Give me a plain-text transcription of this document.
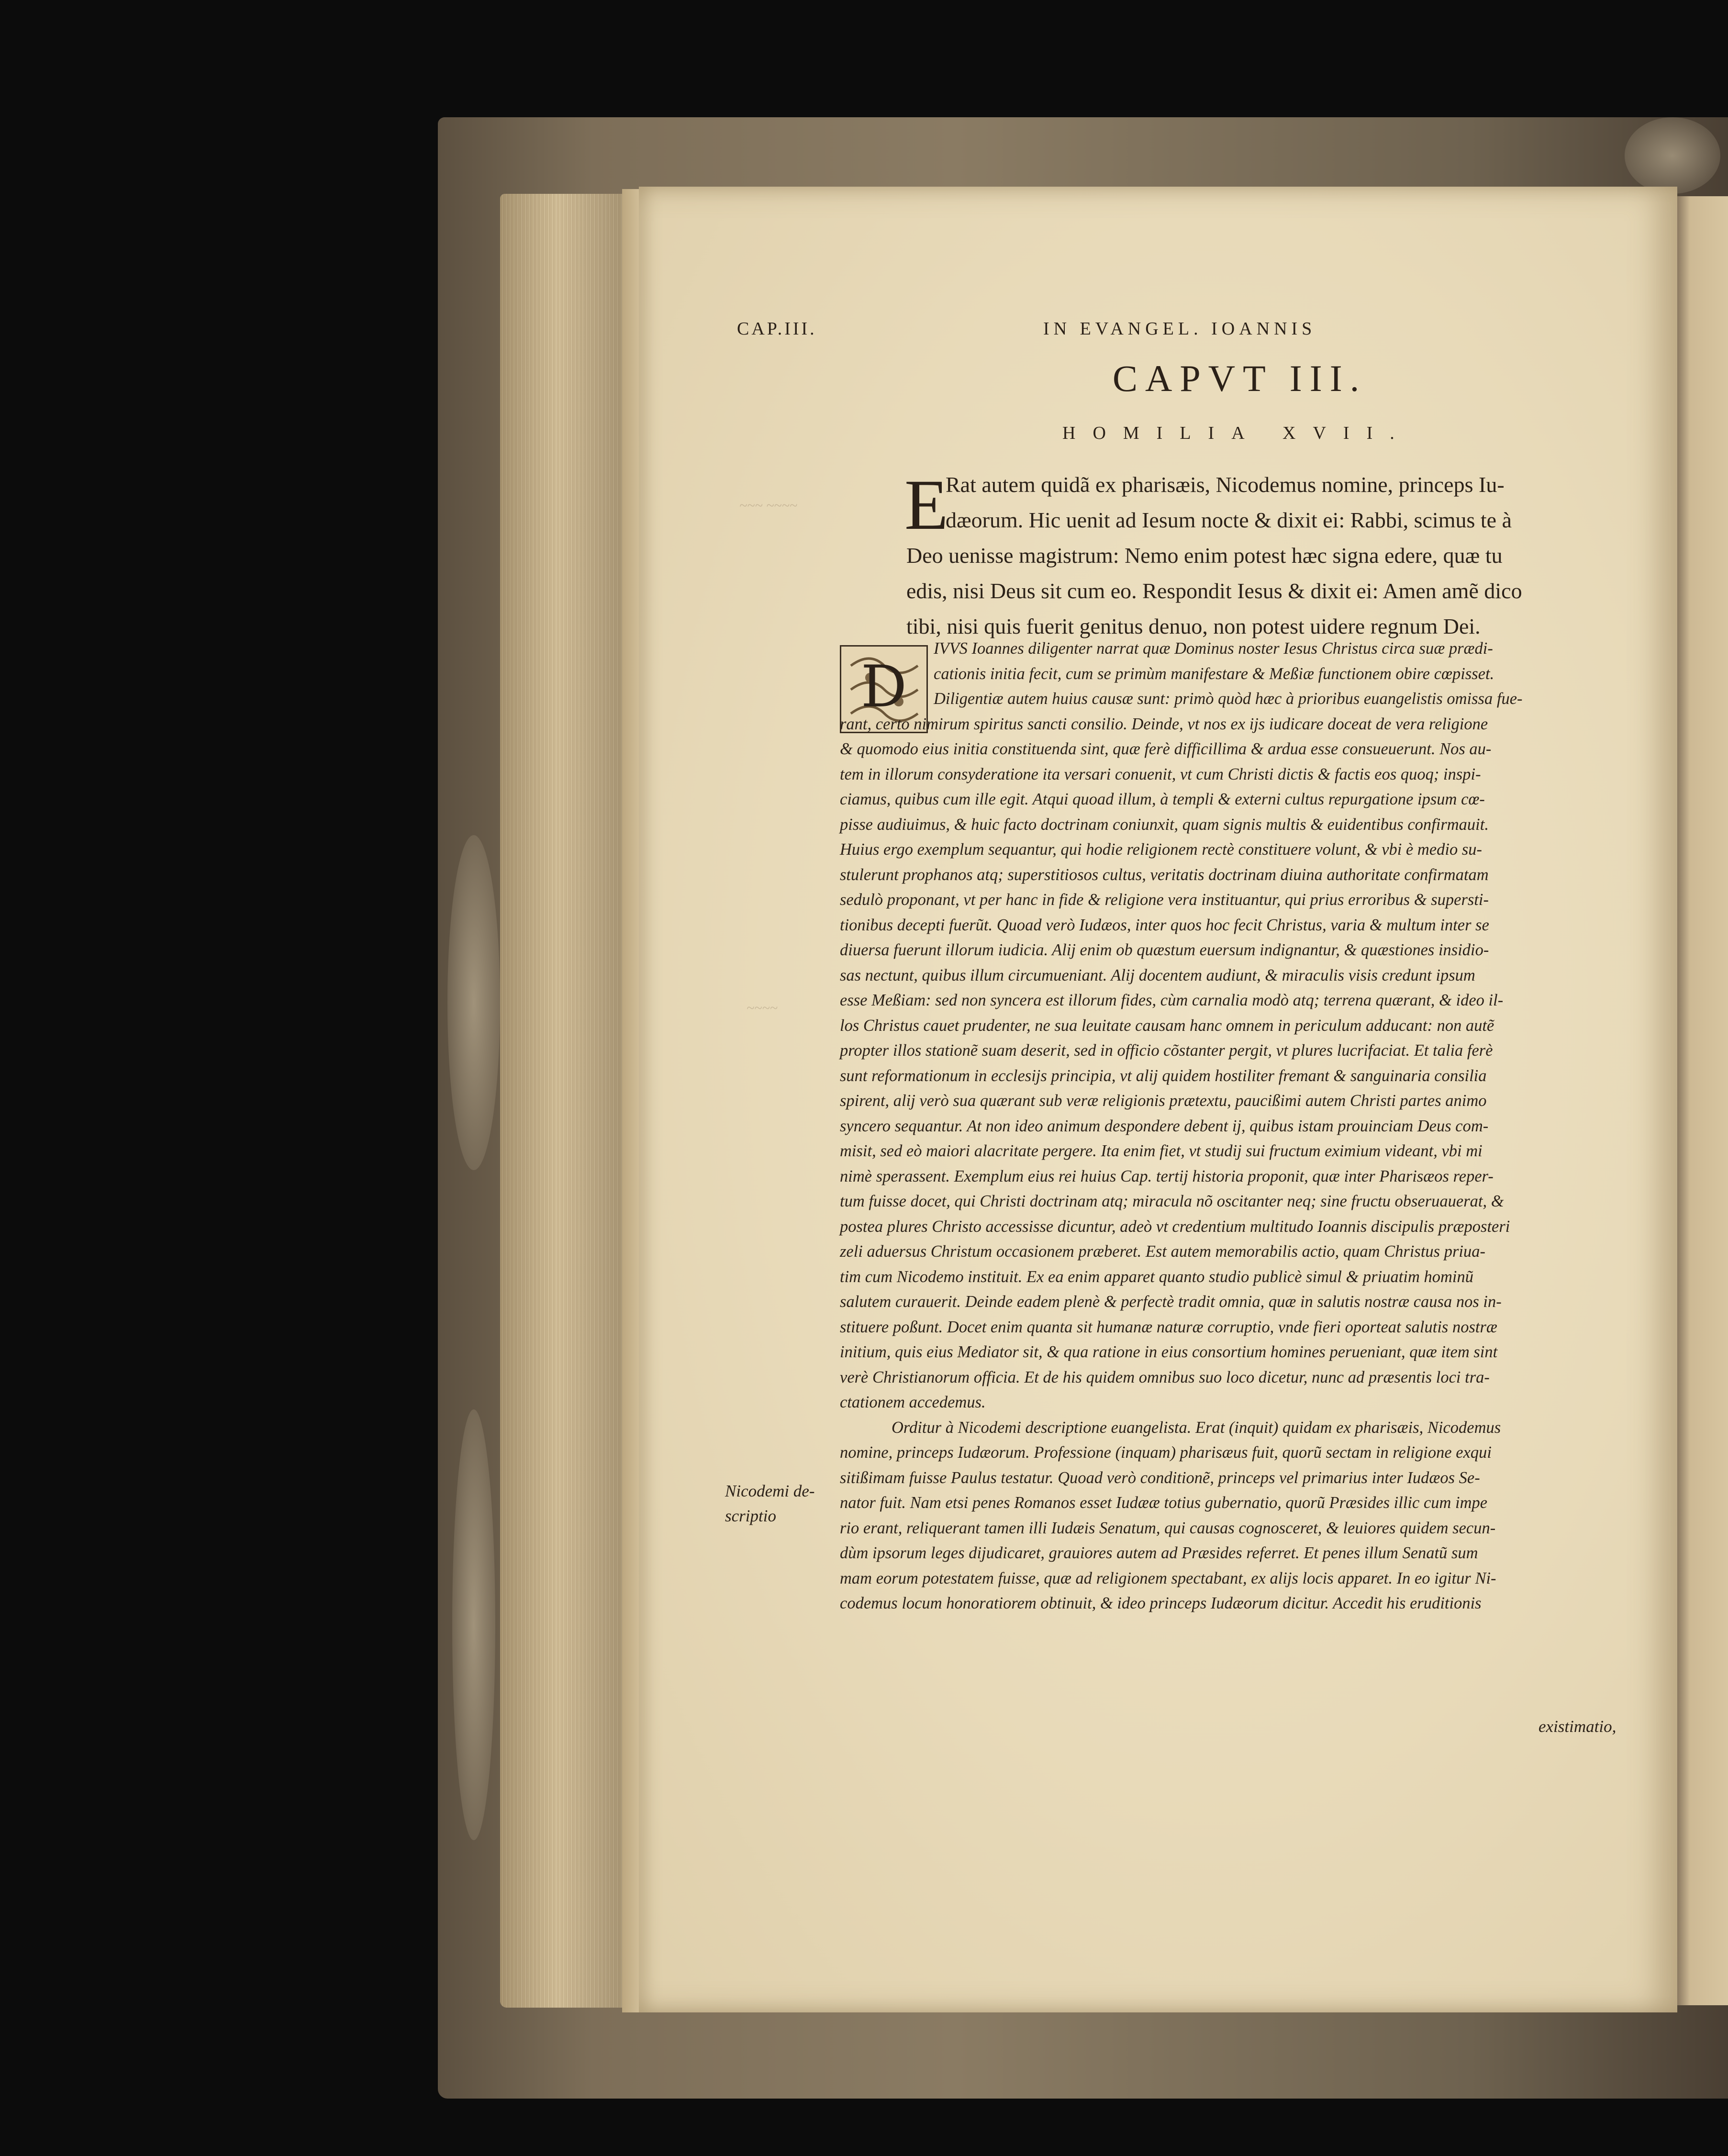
~~~ ~~~~
~~~~
CAP.III.	IN EVANGEL. IOANNIS
CAPVT III.
HOMILIA XVII.
E
Rat autem quidã ex pharisæis, Nicodemus nomine, princeps Iu-
dæorum. Hic uenit ad Iesum nocte & dixit ei: Rabbi, scimus te à
Deo uenisse magistrum: Nemo enim potest hæc signa edere, quæ tu
edis, nisi Deus sit cum eo. Respondit Iesus & dixit ei: Amen amẽ dico
tibi, nisi quis fuerit genitus denuo, non potest uidere regnum Dei.
D
IVVS Ioannes diligenter narrat quæ Dominus noster Iesus Christus circa suæ prædi-
cationis initia fecit, cum se primùm manifestare & Meßiæ functionem obire cœpisset.
Diligentiæ autem huius causæ sunt: primò quòd hæc à prioribus euangelistis omissa fue-
rant, certo nimirum spiritus sancti consilio. Deinde, vt nos ex ijs iudicare doceat de vera religione
& quomodo eius initia constituenda sint, quæ ferè difficillima & ardua esse consueuerunt. Nos au-
tem in illorum consyderatione ita versari conuenit, vt cum Christi dictis & factis eos quoq; inspi-
ciamus, quibus cum ille egit. Atqui quoad illum, à templi & externi cultus repurgatione ipsum cœ-
pisse audiuimus, & huic facto doctrinam coniunxit, quam signis multis & euidentibus confirmauit.
Huius ergo exemplum sequantur, qui hodie religionem rectè constituere volunt, & vbi è medio su-
stulerunt prophanos atq; superstitiosos cultus, veritatis doctrinam diuina authoritate confirmatam
sedulò proponant, vt per hanc in fide & religione vera instituantur, qui prius erroribus & supersti-
tionibus decepti fuerũt. Quoad verò Iudæos, inter quos hoc fecit Christus, varia & multum inter se
diuersa fuerunt illorum iudicia. Alij enim ob quæstum euersum indignantur, & quæstiones insidio-
sas nectunt, quibus illum circumueniant. Alij docentem audiunt, & miraculis visis credunt ipsum
esse Meßiam: sed non syncera est illorum fides, cùm carnalia modò atq; terrena quærant, & ideo il-
los Christus cauet prudenter, ne sua leuitate causam hanc omnem in periculum adducant: non autẽ
propter illos stationẽ suam deserit, sed in officio cõstanter pergit, vt plures lucrifaciat. Et talia ferè
sunt reformationum in ecclesijs principia, vt alij quidem hostiliter fremant & sanguinaria consilia
spirent, alij verò sua quærant sub veræ religionis prætextu, paucißimi autem Christi partes animo
syncero sequantur. At non ideo animum despondere debent ij, quibus istam prouinciam Deus com-
misit, sed eò maiori alacritate pergere. Ita enim fiet, vt studij sui fructum eximium videant, vbi mi
nimè sperassent. Exemplum eius rei huius Cap. tertij historia proponit, quæ inter Pharisæos reper-
tum fuisse docet, qui Christi doctrinam atq; miracula nõ oscitanter neq; sine fructu obseruauerat, &
postea plures Christo accessisse dicuntur, adeò vt credentium multitudo Ioannis discipulis præposteri
zeli aduersus Christum occasionem præberet. Est autem memorabilis actio, quam Christus priua-
tim cum Nicodemo instituit. Ex ea enim apparet quanto studio publicè simul & priuatim hominũ
salutem curauerit. Deinde eadem plenè & perfectè tradit omnia, quæ in salutis nostræ causa nos in-
stituere poßunt. Docet enim quanta sit humanæ naturæ corruptio, vnde fieri oporteat salutis nostræ
initium, quis eius Mediator sit, & qua ratione in eius consortium homines perueniant, quæ item sint
verè Christianorum officia. Et de his quidem omnibus suo loco dicetur, nunc ad præsentis loci tra-
ctationem accedemus.
Orditur à Nicodemi descriptione euangelista. Erat (inquit) quidam ex pharisæis, Nicodemus
nomine, princeps Iudæorum. Professione (inquam) pharisæus fuit, quorũ sectam in religione exqui
sitißimam fuisse Paulus testatur. Quoad verò conditionẽ, princeps vel primarius inter Iudæos Se-
nator fuit. Nam etsi penes Romanos esset Iudææ totius gubernatio, quorũ Præsides illic cum impe
rio erant, reliquerant tamen illi Iudæis Senatum, qui causas cognosceret, & leuiores quidem secun-
dùm ipsorum leges dijudicaret, grauiores autem ad Præsides referret. Et penes illum Senatũ sum
mam eorum potestatem fuisse, quæ ad religionem spectabant, ex alijs locis apparet. In eo igitur Ni-
codemus locum honoratiorem obtinuit, & ideo princeps Iudæorum dicitur. Accedit his eruditionis
Nicodemi de-
scriptio
existimatio,
